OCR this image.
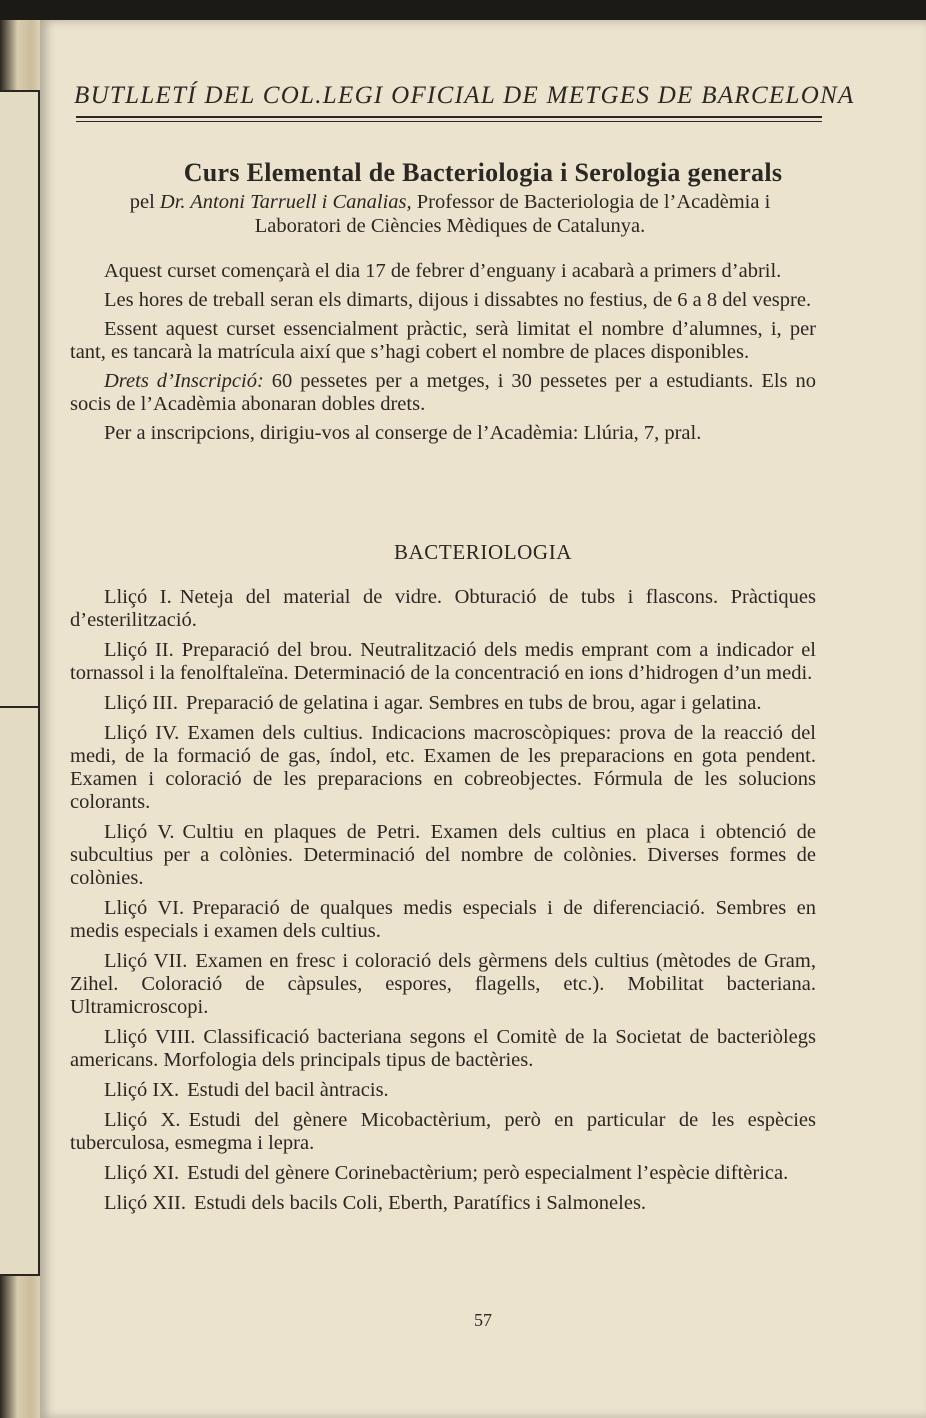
BUTLLETÍ DEL COL.LEGI OFICIAL DE METGES DE BARCELONA
Curs Elemental de Bacteriologia i Serologia generals
pel Dr. Antoni Tarruell i Canalias, Professor de Bacteriologia de l’Acadèmia i Laboratori de Ciències Mèdiques de Catalunya.

Aquest curset començarà el dia 17 de febrer d’enguany i acabarà a primers d’abril.

Les hores de treball seran els dimarts, dijous i dissabtes no festius, de 6 a 8 del vespre.

Essent aquest curset essencialment pràctic, serà limitat el nombre d’alumnes, i, per tant, es tancarà la matrícula així que s’hagi cobert el nombre de places disponibles.

Drets d’Inscripció: 60 pessetes per a metges, i 30 pessetes per a estudiants. Els no socis de l’Acadèmia abonaran dobles drets.

Per a inscripcions, dirigiu-vos al conserge de l’Acadèmia: Llúria, 7, pral.

BACTERIOLOGIA

Lliçó I. Neteja del material de vidre. Obturació de tubs i flascons. Pràctiques d’esterilització.

Lliçó II. Preparació del brou. Neutralització dels medis emprant com a indicador el tornassol i la fenolftaleïna. Determinació de la concentració en ions d’hidrogen d’un medi.

Lliçó III. Preparació de gelatina i agar. Sembres en tubs de brou, agar i gelatina.

Lliçó IV. Examen dels cultius. Indicacions macroscòpiques: prova de la reacció del medi, de la formació de gas, índol, etc. Examen de les preparacions en gota pendent. Examen i coloració de les preparacions en cobreobjectes. Fórmula de les solucions colorants.

Lliçó V. Cultiu en plaques de Petri. Examen dels cultius en placa i obtenció de subcultius per a colònies. Determinació del nombre de colònies. Diverses formes de colònies.

Lliçó VI. Preparació de qualques medis especials i de diferenciació. Sembres en medis especials i examen dels cultius.

Lliçó VII. Examen en fresc i coloració dels gèrmens dels cultius (mètodes de Gram, Zihel. Coloració de càpsules, espores, flagells, etc.). Mobilitat bacteriana. Ultramicroscopi.

Lliçó VIII. Classificació bacteriana segons el Comitè de la Societat de bacteriòlegs americans. Morfologia dels principals tipus de bactèries.

Lliçó IX. Estudi del bacil àntracis.

Lliçó X. Estudi del gènere Micobactèrium, però en particular de les espècies tuberculosa, esmegma i lepra.

Lliçó XI. Estudi del gènere Corinebactèrium; però especialment l’espècie diftèrica.

Lliçó XII. Estudi dels bacils Coli, Eberth, Paratífics i Salmoneles.

57
